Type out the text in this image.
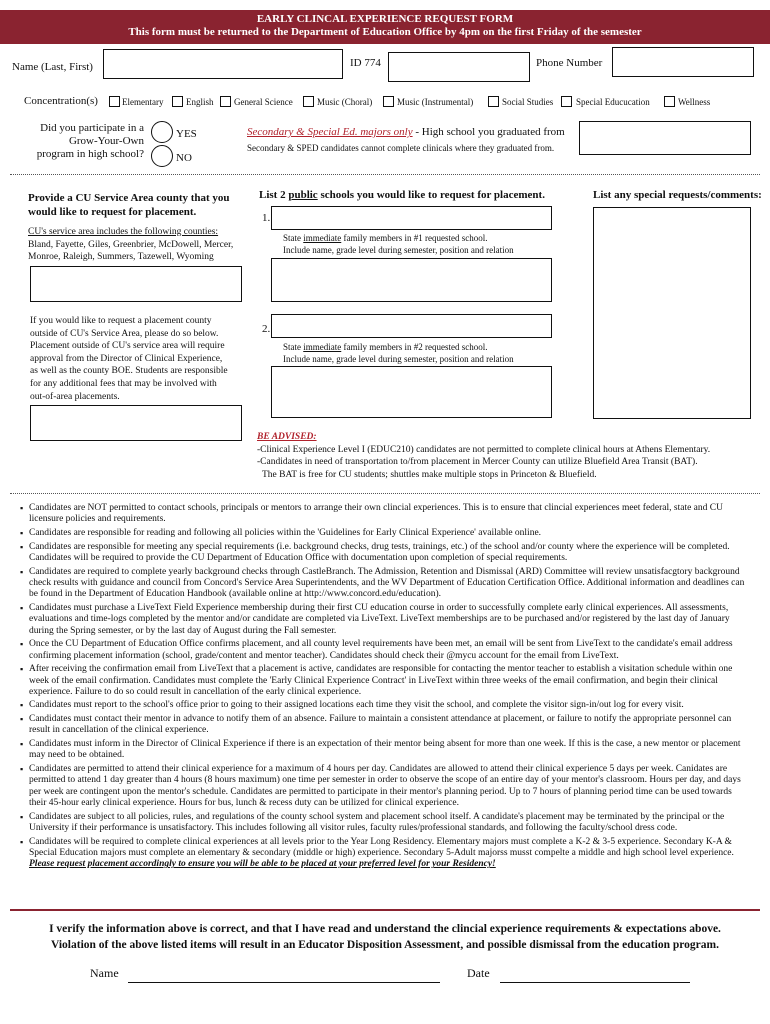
EARLY CLINCAL EXPERIENCE REQUEST FORM
This form must be returned to the Department of Education Office by 4pm on the first Friday of the semester
Name (Last, First)	ID 774	Phone Number
Concentration(s)	Elementary	English General Science	Music (Choral)	Music (Instrumental)	Social Studies	Special Educucation	Wellness
Did you participate in a
Grow-Your-Own
program in high school?
YES
NO
Secondary & Special Ed. majors only - High school you graduated from
Secondary & SPED candidates cannot complete clinicals where they graduated from.
Provide a CU Service Area county that you
would like to request for placement.
CU's service area includes the following counties:
Bland, Fayette, Giles, Greenbrier, McDowell, Mercer,
Monroe, Raleigh, Summers, Tazewell, Wyoming
If you would like to request a placement county
outside of CU's Service Area, please do so below.
Placement outside of CU's service area will require
approval from the Director of Clinical Experience,
as well as the county BOE. Students are responsible
for any additional fees that may be involved with
out-of-area placements.
List 2 public schools you would like to request for placement.
1.
State immediate family members in #1 requested school.
Include name, grade level during semester, position and relation
2.
State immediate family members in #2 requested school.
Include name, grade level during semester, position and relation
List any special requests/comments:
BE ADVISED:
-Clinical Experience Level I (EDUC210) candidates are not permitted to complete clinical hours at Athens Elementary.
-Candidates in need of transportation to/from placement in Mercer County can utilize Bluefield Area Transit (BAT).
The BAT is free for CU students; shuttles make multiple stops in Princeton & Bluefield.
▪ Candidates are NOT permitted to contact schools, principals or mentors to arrange their own clincial experiences. This is to ensure that clincial experiences meet federal, state and CU licensure policies and requirements.
▪ Candidates are responsible for reading and following all policies within the 'Guidelines for Early Clinical Experience' available online.
▪ Candidates are responsible for meeting any special requirements (i.e. background checks, drug tests, trainings, etc.) of the school and/or county where the experience will be completed. Candidates will be required to provide the CU Department of Education Office with documentation upon completion of special requirements.
▪ Candidates are required to complete yearly background checks through CastleBranch. The Admission, Retention and Dismissal (ARD) Committee will review unsatisfacgtory background check results with guidance and council from Concord's Service Area Superintendents, and the WV Department of Education Certification Office. Additional information and deadlines can be found in the Department of Education Handbook (available online at http://www.concord.edu/education).
▪ Candidates must purchase a LiveText Field Experience membership during their first CU education course in order to successfully complete early clinical experiences. All assessments, evaluations and time-logs completed by the mentor and/or candidate are completed via LiveText. LiveText memberships are to be purchased and/or registered by the last day of January during the Spring semester, or by the last day of August during the Fall semester.
▪ Once the CU Department of Education Office confirms placement, and all county level requirements have been met, an email will be sent from LiveText to the candidate's email address confirming placement information (school, grade/content and mentor teacher). Candidates should check their @mycu account for the email from LiveText.
▪ After receiving the confirmation email from LiveText that a placement is active, candidates are responsible for contacting the mentor teacher to establish a visitation schedule within one week of the email confirmation. Candidates must complete the 'Early Clinical Experience Contract' in LiveText within three weeks of the email confirmation, and begin their clinical experience. Failure to do so could result in cancellation of the early clinical experience.
▪ Candidates must report to the school's office prior to going to their assigned locations each time they visit the school, and complete the visitor sign-in/out log for every visit.
▪ Candidates must contact their mentor in advance to notify them of an absence. Failure to maintain a consistent attendance at placement, or failure to notify the appropriate personnel can result in cancellation of the clinical experience.
▪ Candidates must inform in the Director of Clinical Experience if there is an expectation of their mentor being absent for more than one week. If this is the case, a new mentor or placement may need to be obtained.
▪ Candidates are permitted to attend their clinical experience for a maximum of 4 hours per day. Candidates are allowed to attend their clinical experience 5 days per week. Canidates are permitted to attend 1 day greater than 4 hours (8 hours maximum) one time per semester in order to observe the scope of an entire day of your mentor's classroom. Hours per day, and days per week are contingent upon the mentor's schedule. Candidates are permitted to participate in their mentor's planning period. Up to 7 hours of planning period time can be used towards their 45-hour early clinical experience. Hours for bus, lunch & recess duty can be utilized for clinical experience.
▪ Candidates are subject to all policies, rules, and regulations of the county school system and placement school itself. A candidate's placement may be terminated by the principal or the University if their performance is unsatisfactory. This includes following all visitor rules, faculty rules/professional standards, and following the faculty/school dress code.
▪ Candidates will be required to complete clinical experiences at all levels prior to the Year Long Residency. Elementary majors must complete a K-2 & 3-5 experience. Secondary K-A & Special Education majors must complete an elementary & secondary (middle or high) experience. Secondary 5-Adult majorss musst compelte a middle and high school level experience. Please request placement accordingly to ensure you will be able to be placed at your preferred level for your Residency!
I verify the information above is correct, and that I have read and understand the clincial experience requirements & expectations above.
Violation of the above listed items will result in an Educator Disposition Assessment, and possible dismissal from the education program.
Name	Date
